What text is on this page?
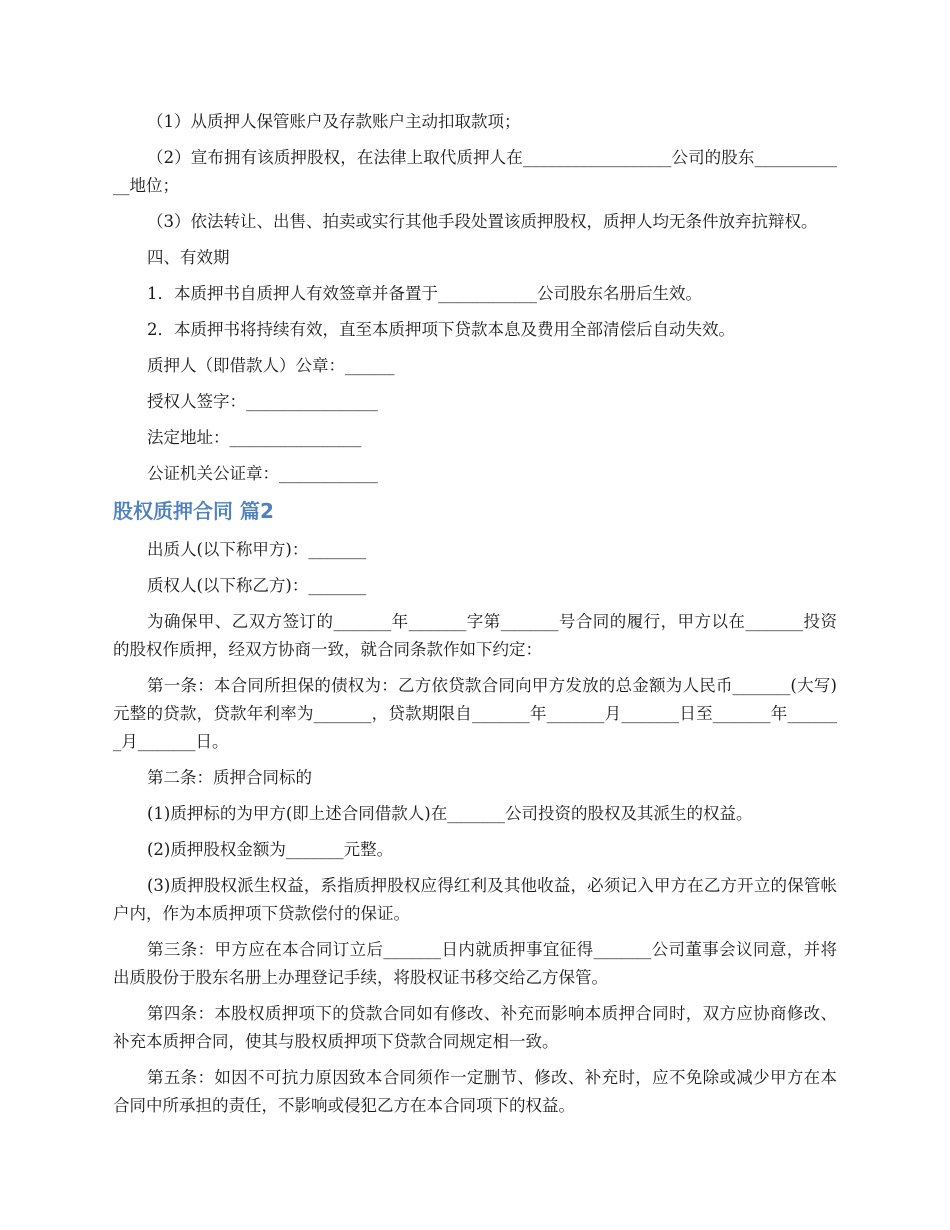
（1）从质押人保管账户及存款账户主动扣取款项；

（2）宣布拥有该质押股权，在法律上取代质押人在__________________公司的股东____________地位；

（3）依法转让、出售、拍卖或实行其他手段处置该质押股权，质押人均无条件放弃抗辩权。

四、有效期

1．本质押书自质押人有效签章并备置于____________公司股东名册后生效。

2．本质押书将持续有效，直至本质押项下贷款本息及费用全部清偿后自动失效。

质押人（即借款人）公章：______

授权人签字：________________

法定地址：________________

公证机关公证章：____________

股权质押合同 篇2

出质人(以下称甲方)：_______

质权人(以下称乙方)：_______

为确保甲、乙双方签订的_______年_______字第_______号合同的履行，甲方以在_______投资的股权作质押，经双方协商一致，就合同条款作如下约定：

第一条：本合同所担保的债权为：乙方依贷款合同向甲方发放的总金额为人民币_______(大写)元整的贷款，贷款年利率为_______，贷款期限自_______年_______月_______日至_______年_______月_______日。

第二条：质押合同标的

(1)质押标的为甲方(即上述合同借款人)在_______公司投资的股权及其派生的权益。

(2)质押股权金额为_______元整。

(3)质押股权派生权益，系指质押股权应得红利及其他收益，必须记入甲方在乙方开立的保管帐户内，作为本质押项下贷款偿付的保证。

第三条：甲方应在本合同订立后_______日内就质押事宜征得_______公司董事会议同意，并将出质股份于股东名册上办理登记手续，将股权证书移交给乙方保管。

第四条：本股权质押项下的贷款合同如有修改、补充而影响本质押合同时，双方应协商修改、补充本质押合同，使其与股权质押项下贷款合同规定相一致。

第五条：如因不可抗力原因致本合同须作一定删节、修改、补充时，应不免除或减少甲方在本合同中所承担的责任，不影响或侵犯乙方在本合同项下的权益。
